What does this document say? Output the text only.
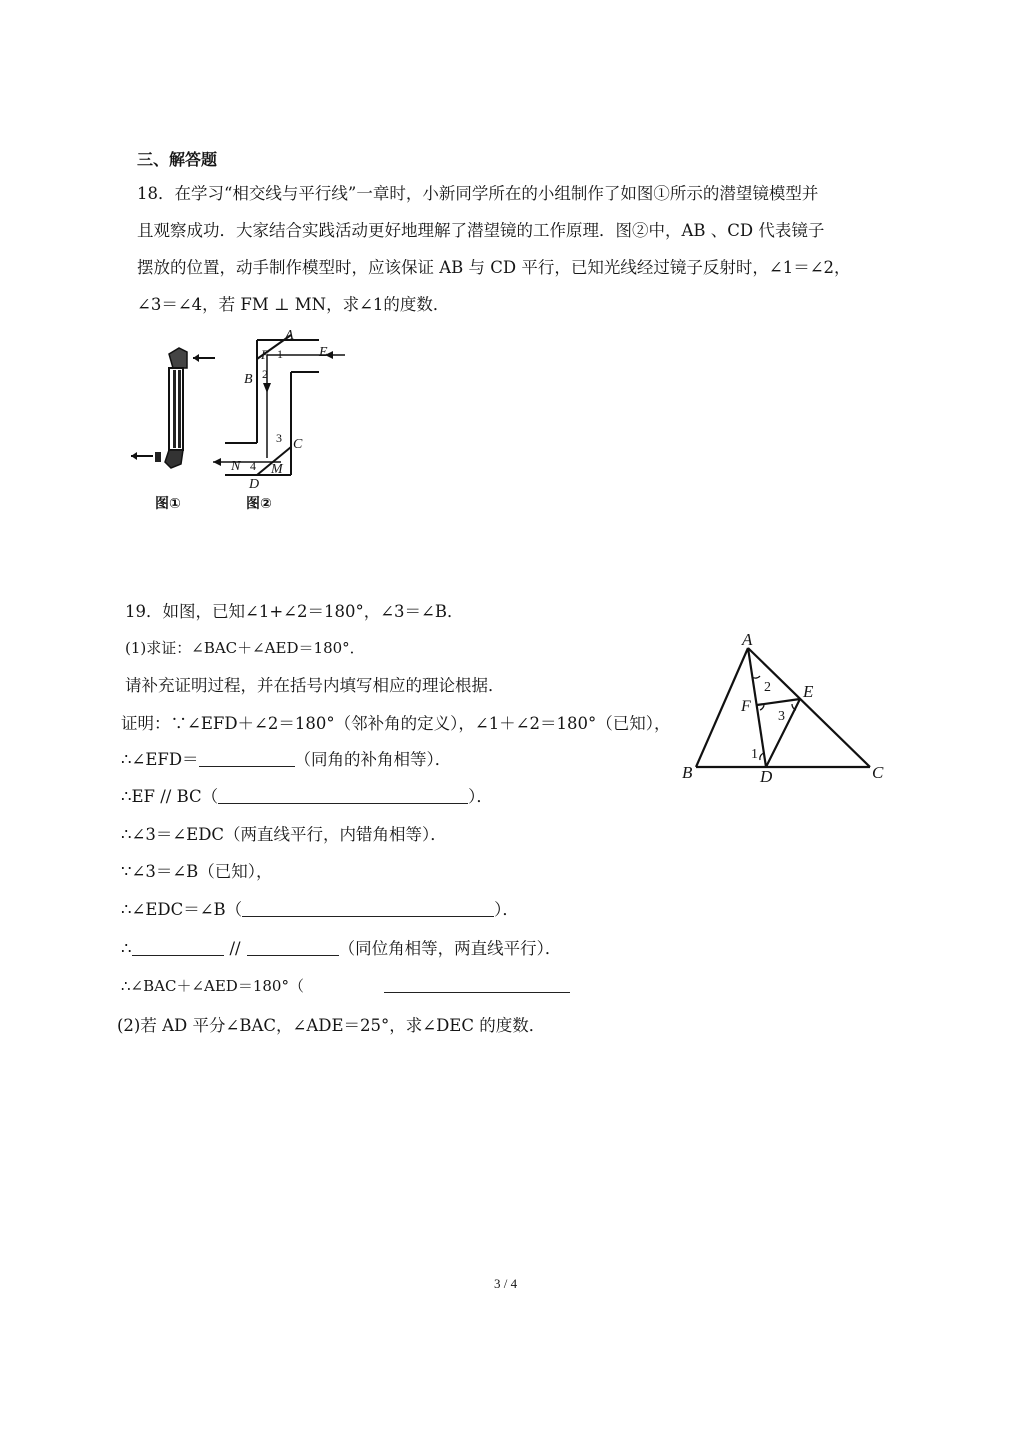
三、解答题
18．在学习“相交线与平行线”一章时，小新同学所在的小组制作了如图①所示的潜望镜模型并
且观察成功．大家结合实践活动更好地理解了潜望镜的工作原理．图②中，AB 、CD 代表镜子
摆放的位置，动手制作模型时，应该保证 AB 与 CD 平行，已知光线经过镜子反射时，∠1＝∠2，
∠3＝∠4，若 FM ⊥ MN，求∠1的度数．
图①
A
E
F 1
B 2
3 C
N 4 M
D
图②
19．如图，已知∠1+∠2＝180°，∠3＝∠B．
(1)求证：∠BAC＋∠AED＝180°．
请补充证明过程，并在括号内填写相应的理论根据．
证明：∵∠EFD＋∠2＝180°（邻补角的定义），∠1＋∠2＝180°（已知），
∴∠EFD＝	（同角的补角相等）．
∴EF // BC（	）．
∴∠3＝∠EDC（两直线平行，内错角相等）．
∵∠3＝∠B（已知），
∴∠EDC＝∠B（	）．
∴	//	（同位角相等，两直线平行）．
∴∠BAC＋∠AED＝180°（
(2)若 AD 平分∠BAC，∠ADE＝25°，求∠DEC 的度数．
A
B	C
D
E
F
1
2
3
3 / 4
